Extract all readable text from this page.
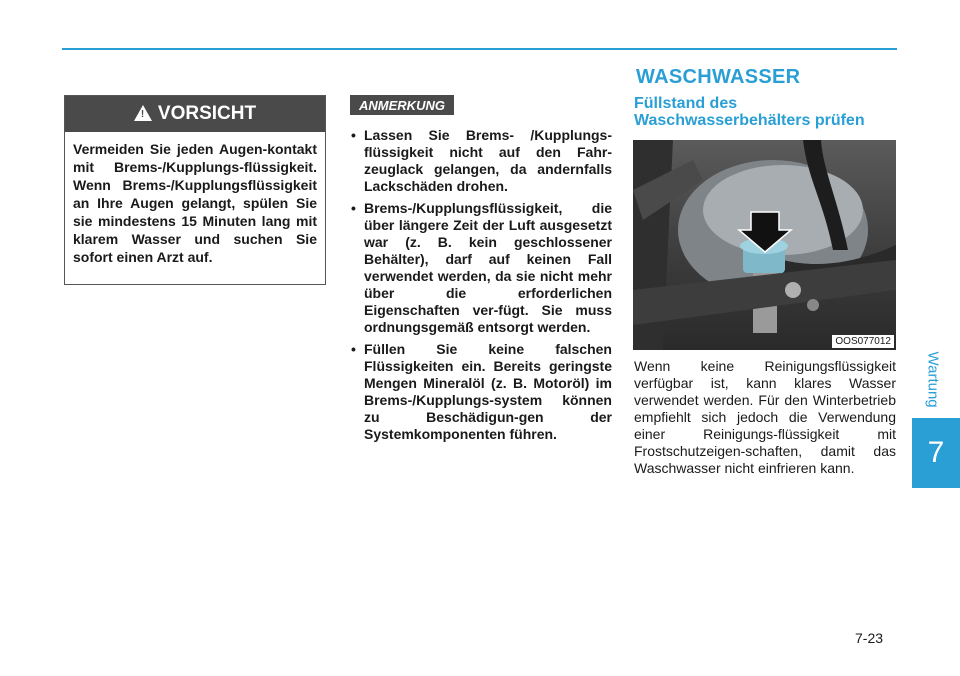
Wartung
7
! VORSICHT
Vermeiden Sie jeden Augen-kontakt mit Brems-/Kupplungs-flüssigkeit. Wenn Brems-/Kupplungsflüssigkeit an Ihre Augen gelangt, spülen Sie sie mindestens 15 Minuten lang mit klarem Wasser und suchen Sie sofort einen Arzt auf.
ANMERKUNG
• Lassen Sie Brems- /Kupplungs-flüssigkeit nicht auf den Fahr-zeuglack gelangen, da andernfalls Lackschäden drohen.
• Brems-/Kupplungsflüssigkeit, die über längere Zeit der Luft ausgesetzt war (z. B. kein geschlossener Behälter), darf auf keinen Fall verwendet werden, da sie nicht mehr über die erforderlichen Eigenschaften ver-fügt. Sie muss ordnungsgemäß entsorgt werden.
• Füllen Sie keine falschen Flüssigkeiten ein. Bereits geringste Mengen Mineralöl (z. B. Motoröl) im Brems-/Kupplungs-system können zu Beschädigun-gen der Systemkomponenten führen.
WASCHWASSER
Füllstand des Waschwasserbehälters prüfen
OOS077012
Wenn keine Reinigungsflüssigkeit verfügbar ist, kann klares Wasser verwendet werden. Für den Winterbetrieb empfiehlt sich jedoch die Verwendung einer Reinigungs-flüssigkeit mit Frostschutzeigen-schaften, damit das Waschwasser nicht einfrieren kann.
7-23
